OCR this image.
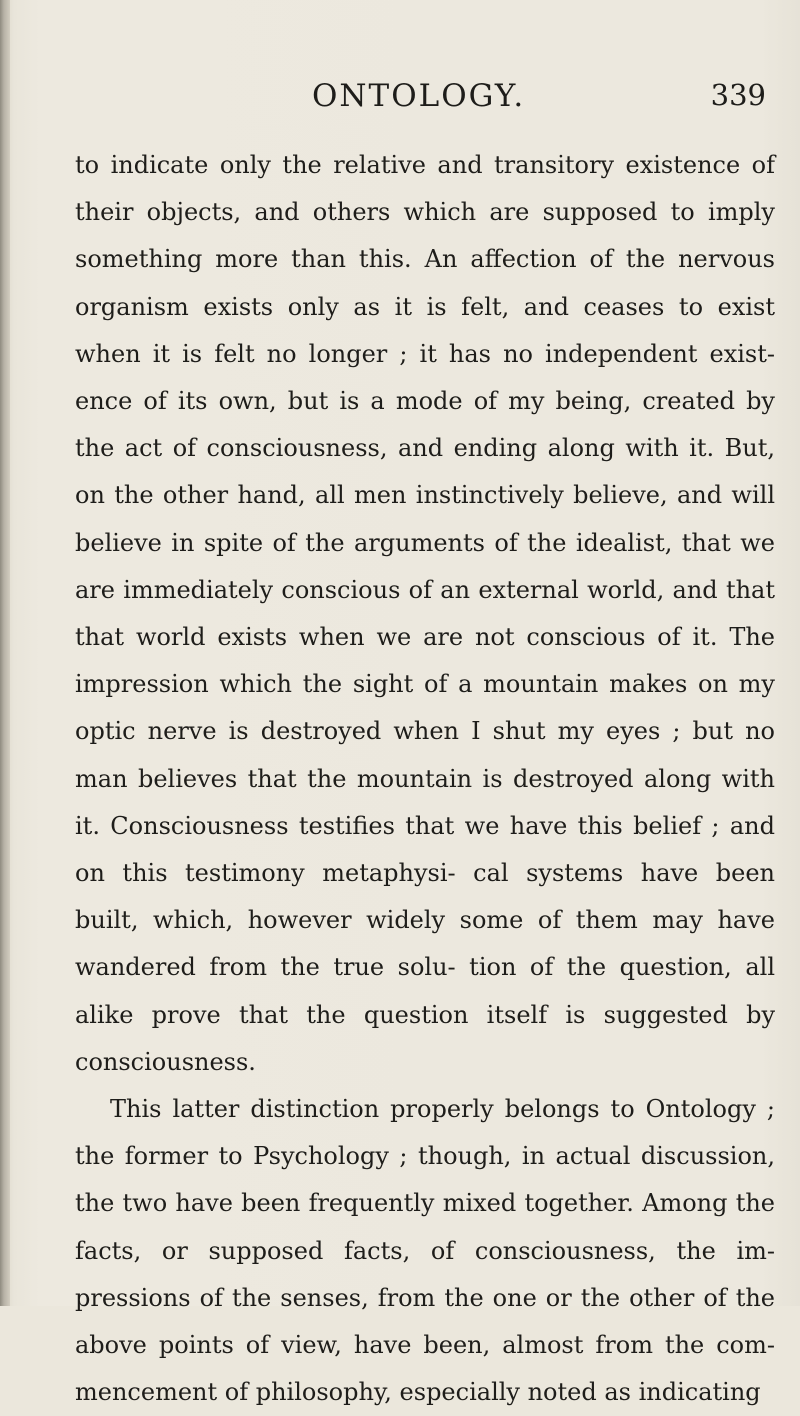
ONTOLOGY.	339

to indicate only the relative and transitory existence of their objects, and others which are supposed to imply something more than this. An affection of the nervous organism exists only as it is felt, and ceases to exist when it is felt no longer ; it has no independent exist- ence of its own, but is a mode of my being, created by the act of consciousness, and ending along with it. But, on the other hand, all men instinctively believe, and will believe in spite of the arguments of the idealist, that we are immediately conscious of an external world, and that that world exists when we are not conscious of it. The impression which the sight of a mountain makes on my optic nerve is destroyed when I shut my eyes ; but no man believes that the mountain is destroyed along with it. Consciousness testifies that we have this belief ; and on this testimony metaphysi- cal systems have been built, which, however widely some of them may have wandered from the true solu- tion of the question, all alike prove that the question itself is suggested by consciousness.

This latter distinction properly belongs to Ontology ; the former to Psychology ; though, in actual discussion, the two have been frequently mixed together. Among the facts, or supposed facts, of consciousness, the im- pressions of the senses, from the one or the other of the above points of view, have been, almost from the com- mencement of philosophy, especially noted as indicating
